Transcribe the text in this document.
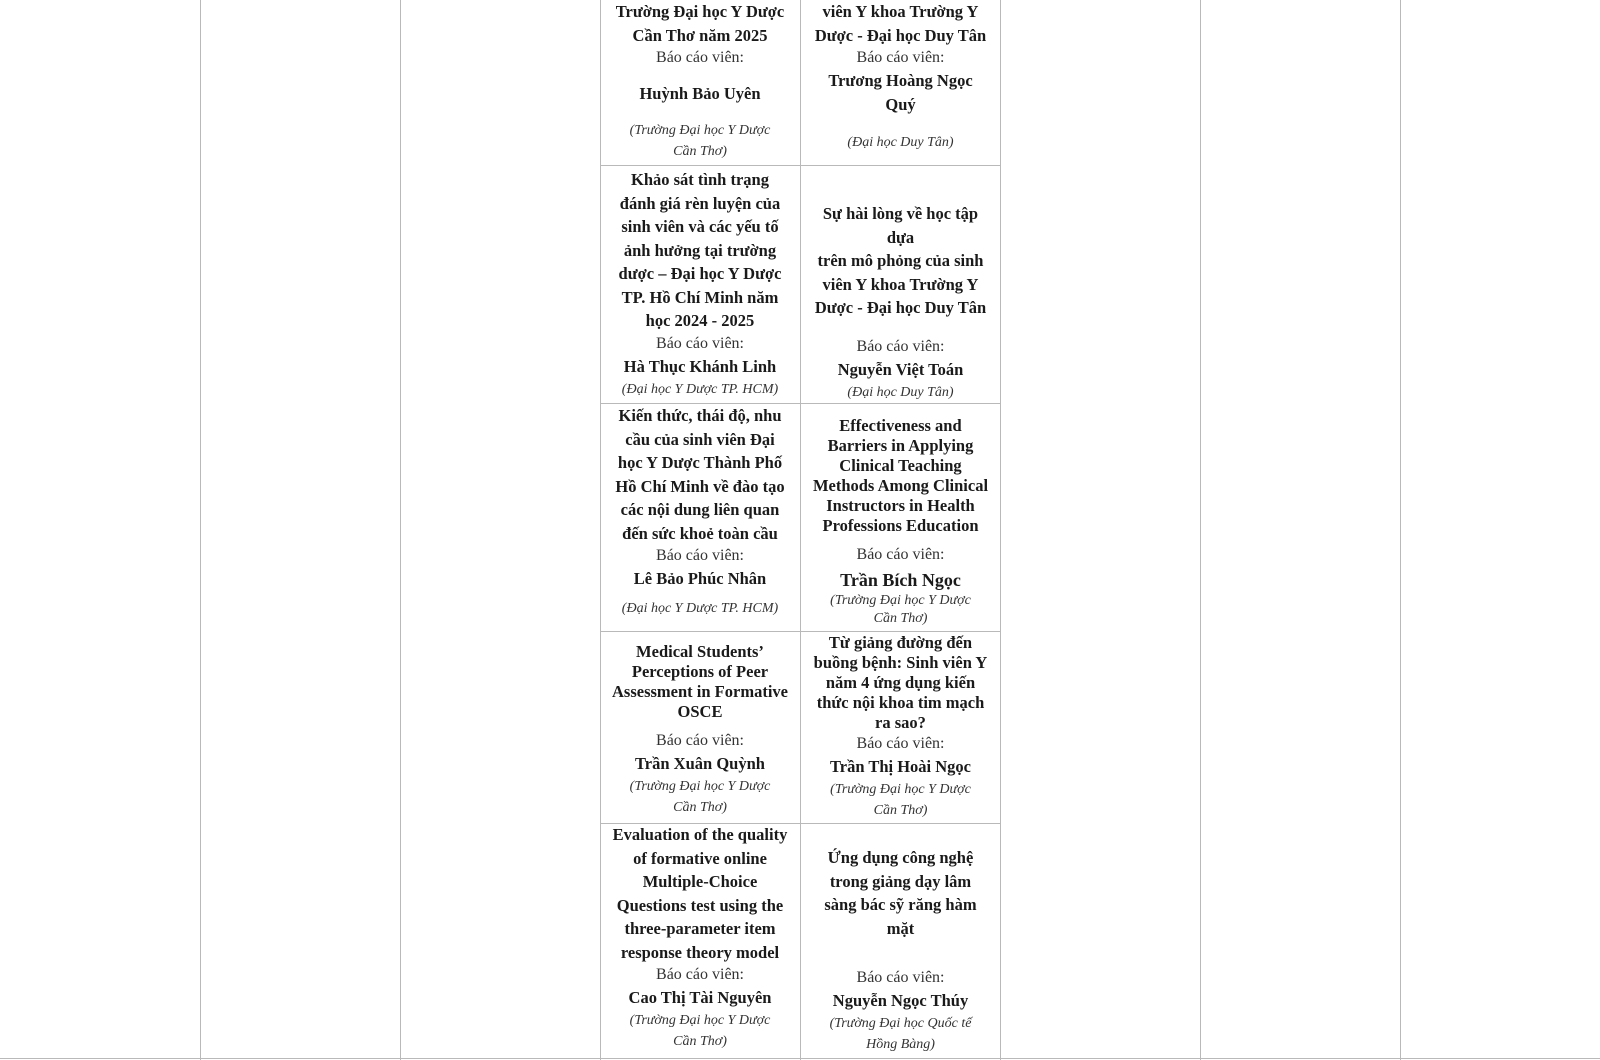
Trường Đại học Y Dược
Cần Thơ năm 2025
Báo cáo viên:
Huỳnh Bảo Uyên
(Trường Đại học Y Dược
Cần Thơ)
viên Y khoa Trường Y
Dược - Đại học Duy Tân
Báo cáo viên:
Trương Hoàng Ngọc
Quý
(Đại học Duy Tân)
Khảo sát tình trạng
đánh giá rèn luyện của
sinh viên và các yếu tố
ảnh hưởng tại trường
dược – Đại học Y Dược
TP. Hồ Chí Minh năm
học 2024 - 2025
Báo cáo viên:
Hà Thục Khánh Linh
(Đại học Y Dược TP. HCM)
Sự hài lòng về học tập dựa
trên mô phỏng của sinh
viên Y khoa Trường Y
Dược - Đại học Duy Tân
Báo cáo viên:
Nguyễn Việt Toán
(Đại học Duy Tân)
Kiến thức, thái độ, nhu
cầu của sinh viên Đại
học Y Dược Thành Phố
Hồ Chí Minh về đào tạo
các nội dung liên quan
đến sức khoẻ toàn cầu
Báo cáo viên:
Lê Bảo Phúc Nhân
(Đại học Y Dược TP. HCM)
Effectiveness and
Barriers in Applying
Clinical Teaching
Methods Among Clinical
Instructors in Health
Professions Education
Báo cáo viên:
Trần Bích Ngọc
(Trường Đại học Y Dược
Cần Thơ)
Medical Students’
Perceptions of Peer
Assessment in Formative
OSCE
Báo cáo viên:
Trần Xuân Quỳnh
(Trường Đại học Y Dược
Cần Thơ)
Từ giảng đường đến
buồng bệnh: Sinh viên Y
năm 4 ứng dụng kiến
thức nội khoa tim mạch
ra sao?
Báo cáo viên:
Trần Thị Hoài Ngọc
(Trường Đại học Y Dược
Cần Thơ)
Evaluation of the quality
of formative online
Multiple-Choice
Questions test using the
three-parameter item
response theory model
Báo cáo viên:
Cao Thị Tài Nguyên
(Trường Đại học Y Dược
Cần Thơ)
Ứng dụng công nghệ
trong giảng dạy lâm
sàng bác sỹ răng hàm
mặt
Báo cáo viên:
Nguyễn Ngọc Thúy
(Trường Đại học Quốc tế
Hồng Bàng)
